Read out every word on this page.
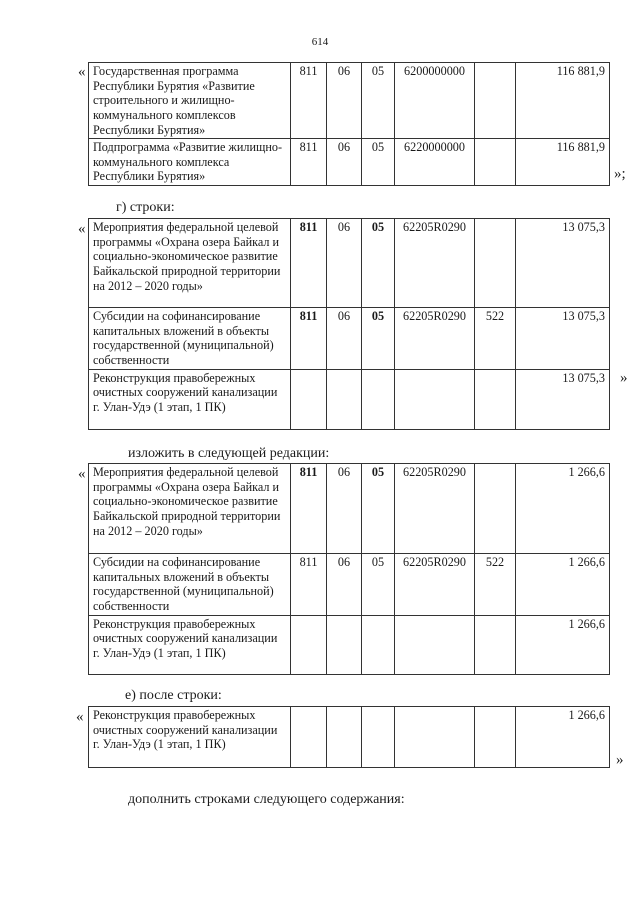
614
« Государственная программа Республики Бурятия «Развитие строительного и жилищно-коммунального комплексов Республики Бурятия»	811	06	05	6200000000		116 881,9
Подпрограмма «Развитие жилищно-коммунального комплекса Республики Бурятия»	811	06	05	6220000000		116 881,9
»;
г) строки:
« Мероприятия федеральной целевой программы «Охрана озера Байкал и социально-экономическое развитие Байкальской природной территории на 2012 – 2020 годы»	811	06	05	62205R0290		13 075,3
Субсидии на софинансирование капитальных вложений в объекты государственной (муниципальной) собственности	811	06	05	62205R0290	522	13 075,3
Реконструкция правобережных очистных сооружений канализации г. Улан-Удэ (1 этап, 1 ПК)						13 075,3 »
изложить в следующей редакции:
« Мероприятия федеральной целевой программы «Охрана озера Байкал и социально-экономическое развитие Байкальской природной территории на 2012 – 2020 годы»	811	06	05	62205R0290		1 266,6
Субсидии на софинансирование капитальных вложений в объекты государственной (муниципальной) собственности	811	06	05	62205R0290	522	1 266,6
Реконструкция правобережных очистных сооружений канализации г. Улан-Удэ (1 этап, 1 ПК)						1 266,6
е) после строки:
« Реконструкция правобережных очистных сооружений канализации г. Улан-Удэ (1 этап, 1 ПК)						1 266,6
»
дополнить строками следующего содержания:
